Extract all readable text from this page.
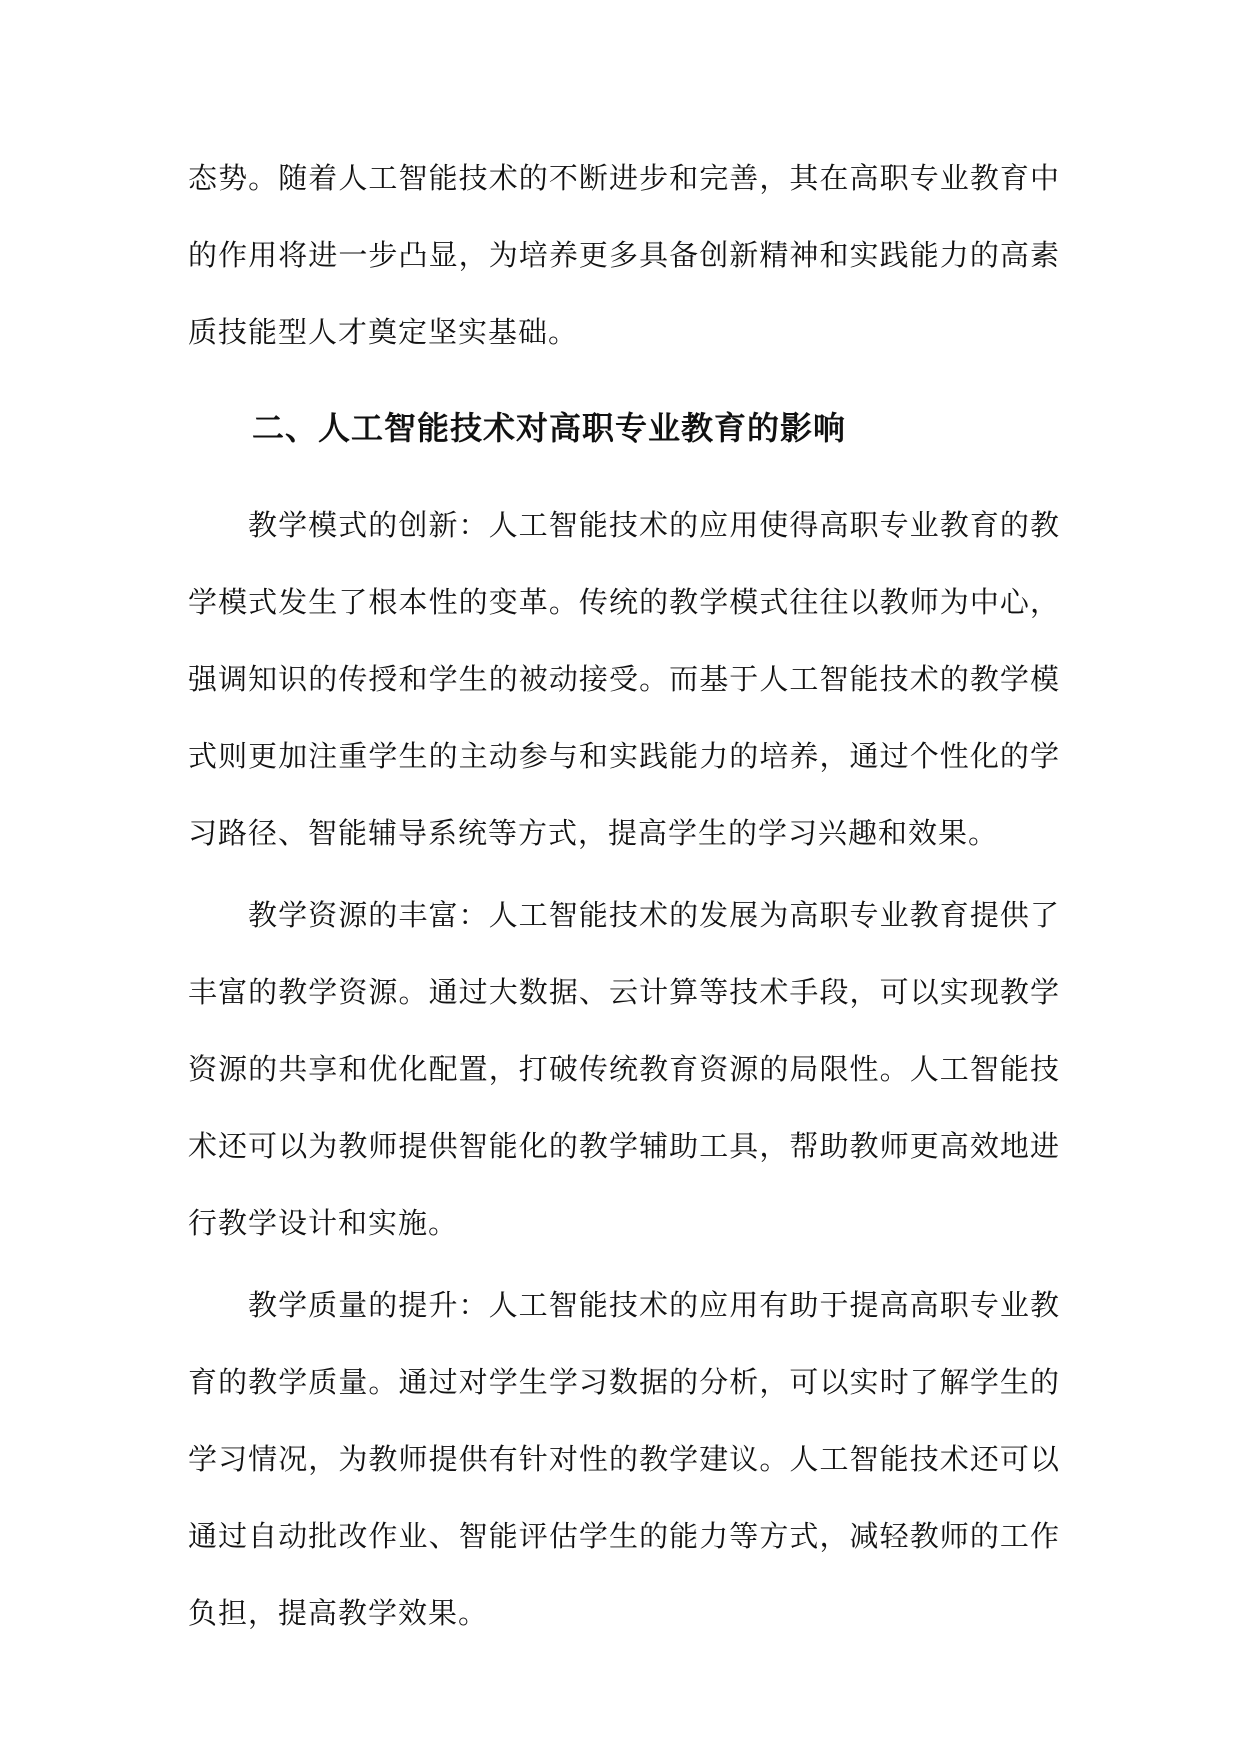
态势。随着人工智能技术的不断进步和完善，其在高职专业教育中的作用将进一步凸显，为培养更多具备创新精神和实践能力的高素质技能型人才奠定坚实基础。

二、人工智能技术对高职专业教育的影响

教学模式的创新：人工智能技术的应用使得高职专业教育的教学模式发生了根本性的变革。传统的教学模式往往以教师为中心，强调知识的传授和学生的被动接受。而基于人工智能技术的教学模式则更加注重学生的主动参与和实践能力的培养，通过个性化的学习路径、智能辅导系统等方式，提高学生的学习兴趣和效果。

教学资源的丰富：人工智能技术的发展为高职专业教育提供了丰富的教学资源。通过大数据、云计算等技术手段，可以实现教学资源的共享和优化配置，打破传统教育资源的局限性。人工智能技术还可以为教师提供智能化的教学辅助工具，帮助教师更高效地进行教学设计和实施。

教学质量的提升：人工智能技术的应用有助于提高高职专业教育的教学质量。通过对学生学习数据的分析，可以实时了解学生的学习情况，为教师提供有针对性的教学建议。人工智能技术还可以通过自动批改作业、智能评估学生的能力等方式，减轻教师的工作负担，提高教学效果。
